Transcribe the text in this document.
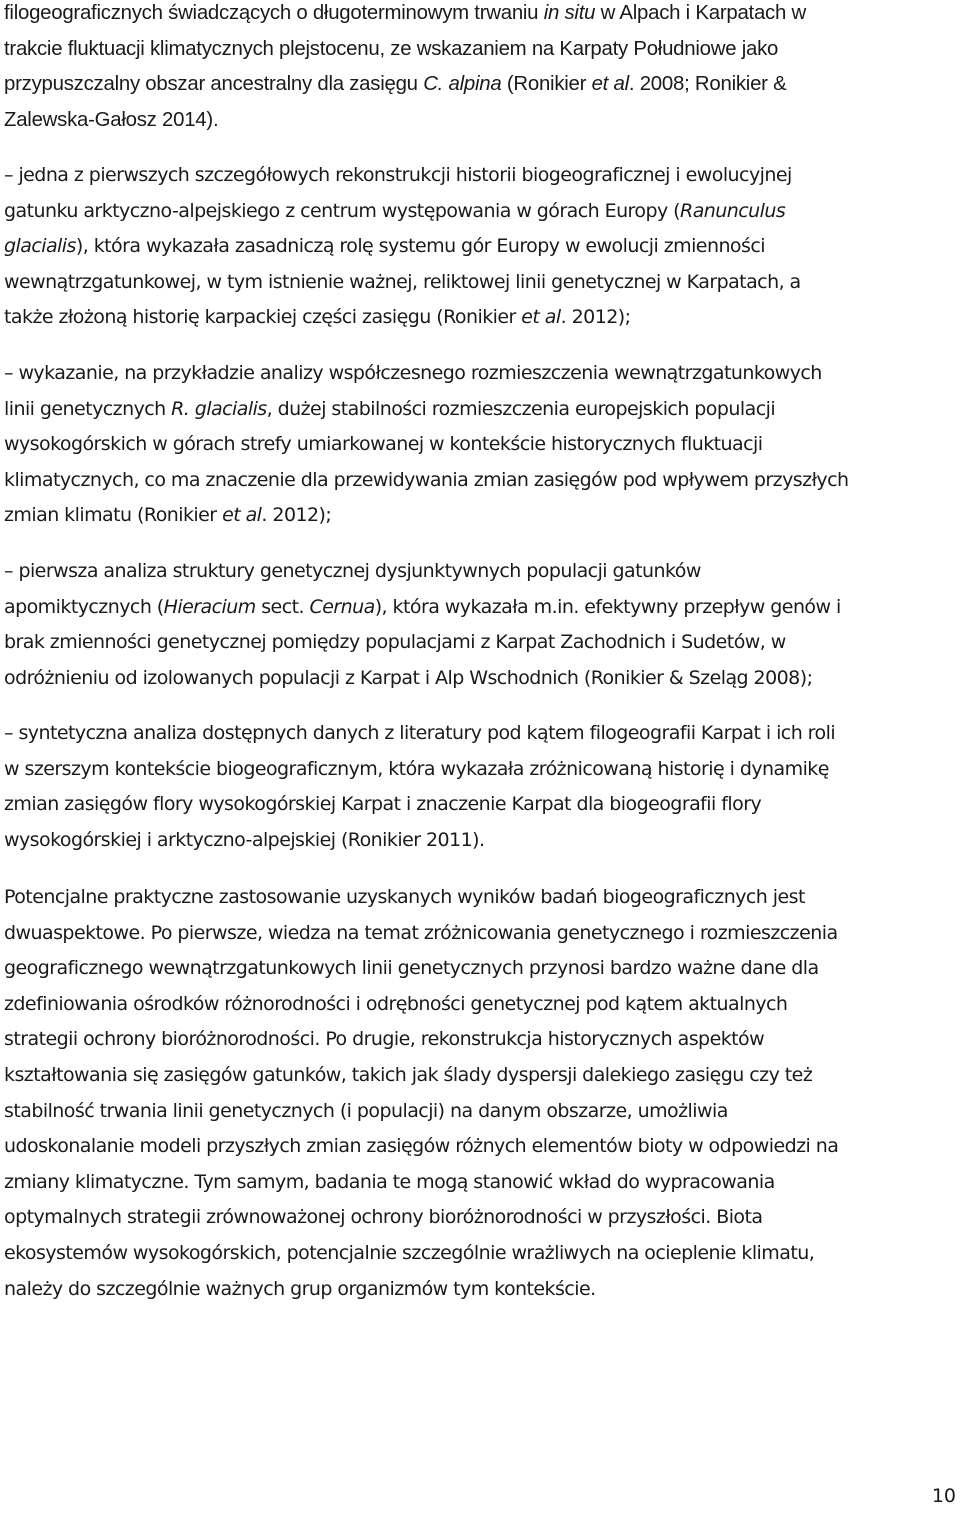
filogeograficznych świadczących o długoterminowym trwaniu in situ w Alpach i Karpatach w
trakcie fluktuacji klimatycznych plejstocenu, ze wskazaniem na Karpaty Południowe jako
przypuszczalny obszar ancestralny dla zasięgu C. alpina (Ronikier et al. 2008; Ronikier &
Zalewska-Gałosz 2014).

– jedna z pierwszych szczegółowych rekonstrukcji historii biogeograficznej i ewolucyjnej
gatunku arktyczno-alpejskiego z centrum występowania w górach Europy (Ranunculus
glacialis), która wykazała zasadniczą rolę systemu gór Europy w ewolucji zmienności
wewnątrzgatunkowej, w tym istnienie ważnej, reliktowej linii genetycznej w Karpatach, a
także złożoną historię karpackiej części zasięgu (Ronikier et al. 2012);

– wykazanie, na przykładzie analizy współczesnego rozmieszczenia wewnątrzgatunkowych
linii genetycznych R. glacialis, dużej stabilności rozmieszczenia europejskich populacji
wysokogórskich w górach strefy umiarkowanej w kontekście historycznych fluktuacji
klimatycznych, co ma znaczenie dla przewidywania zmian zasięgów pod wpływem przyszłych
zmian klimatu (Ronikier et al. 2012);

– pierwsza analiza struktury genetycznej dysjunktywnych populacji gatunków
apomiktycznych (Hieracium sect. Cernua), która wykazała m.in. efektywny przepływ genów i
brak zmienności genetycznej pomiędzy populacjami z Karpat Zachodnich i Sudetów, w
odróżnieniu od izolowanych populacji z Karpat i Alp Wschodnich (Ronikier & Szeląg 2008);

– syntetyczna analiza dostępnych danych z literatury pod kątem filogeografii Karpat i ich roli
w szerszym kontekście biogeograficznym, która wykazała zróżnicowaną historię i dynamikę
zmian zasięgów flory wysokogórskiej Karpat i znaczenie Karpat dla biogeografii flory
wysokogórskiej i arktyczno-alpejskiej (Ronikier 2011).

Potencjalne praktyczne zastosowanie uzyskanych wyników badań biogeograficznych jest
dwuaspektowe. Po pierwsze, wiedza na temat zróżnicowania genetycznego i rozmieszczenia
geograficznego wewnątrzgatunkowych linii genetycznych przynosi bardzo ważne dane dla
zdefiniowania ośrodków różnorodności i odrębności genetycznej pod kątem aktualnych
strategii ochrony bioróżnorodności. Po drugie, rekonstrukcja historycznych aspektów
kształtowania się zasięgów gatunków, takich jak ślady dyspersji dalekiego zasięgu czy też
stabilność trwania linii genetycznych (i populacji) na danym obszarze, umożliwia
udoskonalanie modeli przyszłych zmian zasięgów różnych elementów bioty w odpowiedzi na
zmiany klimatyczne. Tym samym, badania te mogą stanowić wkład do wypracowania
optymalnych strategii zrównoważonej ochrony bioróżnorodności w przyszłości. Biota
ekosystemów wysokogórskich, potencjalnie szczególnie wrażliwych na ocieplenie klimatu,
należy do szczególnie ważnych grup organizmów tym kontekście.

10
